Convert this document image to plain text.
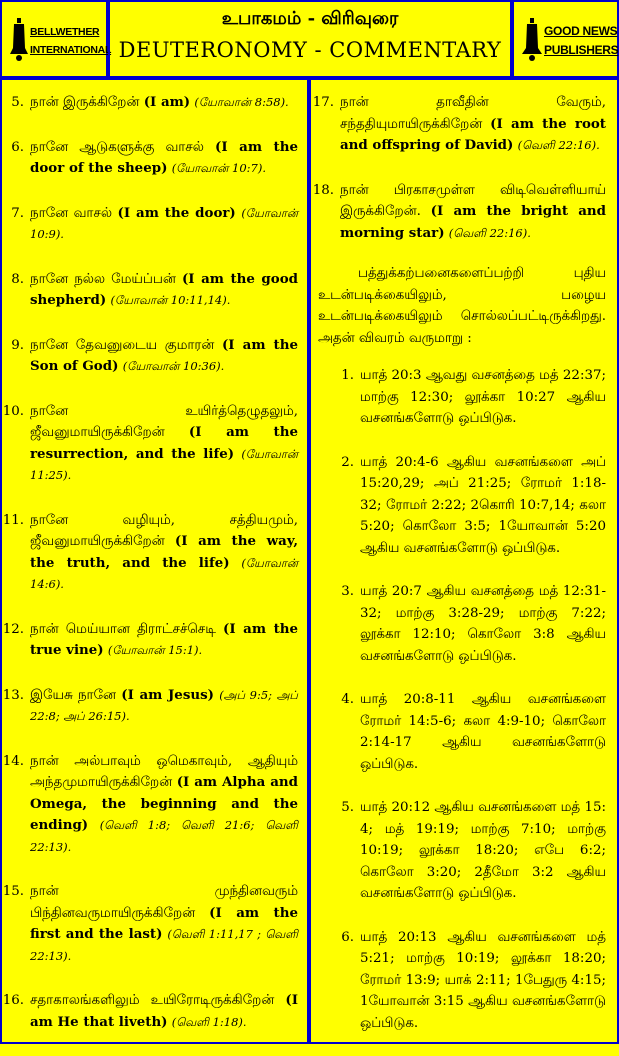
BELLWETHER
INTERNATIONAL
உபாகமம் - விரிவுரை
DEUTERONOMY - COMMENTARY
GOOD NEWS
PUBLISHERS
5. நான் இருக்கிறேன் (I am) (யோவான் 8:58).
6. நானே ஆடுகளுக்கு வாசல் (I am the door of the sheep) (யோவான் 10:7).
7. நானே வாசல் (I am the door) (யோவான் 10:9).
8. நானே நல்ல மேய்ப்பன் (I am the good shepherd) (யோவான் 10:11,14).
9. நானே தேவனுடைய குமாரன் (I am the Son of God) (யோவான் 10:36).
10. நானே உயிர்த்தெழுதலும், ஜீவனுமாயிருக்கிறேன் (I am the resurrection, and the life) (யோவான் 11:25).
11. நானே வழியும், சத்தியமும், ஜீவனுமாயிருக்கிறேன் (I am the way, the truth, and the life) (யோவான் 14:6).
12. நான் மெய்யான திராட்சச்செடி (I am the true vine) (யோவான் 15:1).
13. இயேசு நானே (I am Jesus) (அப் 9:5; அப் 22:8; அப் 26:15).
14. நான் அல்பாவும் ஒமெகாவும், ஆதியும் அந்தமுமாயிருக்கிறேன் (I am Alpha and Omega, the beginning and the ending) (வெளி 1:8; வெளி 21:6; வெளி 22:13).
15. நான் முந்தினவரும் பிந்தினவருமாயிருக்கிறேன் (I am the first and the last) (வெளி 1:11,17 ; வெளி 22:13).
16. சதாகாலங்களிலும் உயிரோடிருக்கிறேன் (I am He that liveth) (வெளி 1:18).
17. நான் தாவீதின் வேரும், சந்ததியுமாயிருக்கிறேன் (I am the root and offspring of David) (வெளி 22:16).
18. நான் பிரகாசமுள்ள விடிவெள்ளியாய் இருக்கிறேன். (I am the bright and morning star) (வெளி 22:16).

பத்துக்கற்பனைகளைப்பற்றி புதிய உடன்படிக்கையிலும், பழைய உடன்படிக்கையிலும் சொல்லப்பட்டிருக்கிறது. அதன் விவரம் வருமாறு :

1. யாத் 20:3 ஆவது வசனத்தை மத் 22:37; மாற்கு 12:30; லூக்கா 10:27 ஆகிய வசனங்களோடு ஒப்பிடுக.
2. யாத் 20:4-6 ஆகிய வசனங்களை அப் 15:20,29; அப் 21:25; ரோமர் 1:18-32; ரோமர் 2:22; 2கொரி 10:7,14; கலா 5:20; கொலோ 3:5; 1யோவான் 5:20 ஆகிய வசனங்களோடு ஒப்பிடுக.
3. யாத் 20:7 ஆகிய வசனத்தை மத் 12:31-32; மாற்கு 3:28-29; மாற்கு 7:22; லூக்கா 12:10; கொலோ 3:8 ஆகிய வசனங்களோடு ஒப்பிடுக.
4. யாத் 20:8-11 ஆகிய வசனங்களை ரோமர் 14:5-6; கலா 4:9-10; கொலோ 2:14-17 ஆகிய வசனங்களோடு ஒப்பிடுக.
5. யாத் 20:12 ஆகிய வசனங்களை மத் 15: 4; மத் 19:19; மாற்கு 7:10; மாற்கு 10:19; லூக்கா 18:20; எபே 6:2; கொலோ 3:20; 2தீமோ 3:2 ஆகிய வசனங்களோடு ஒப்பிடுக.
6. யாத் 20:13 ஆகிய வசனங்களை மத் 5:21; மாற்கு 10:19; லூக்கா 18:20; ரோமர் 13:9; யாக் 2:11; 1பேதுரு 4:15; 1யோவான் 3:15 ஆகிய வசனங்களோடு ஒப்பிடுக.
